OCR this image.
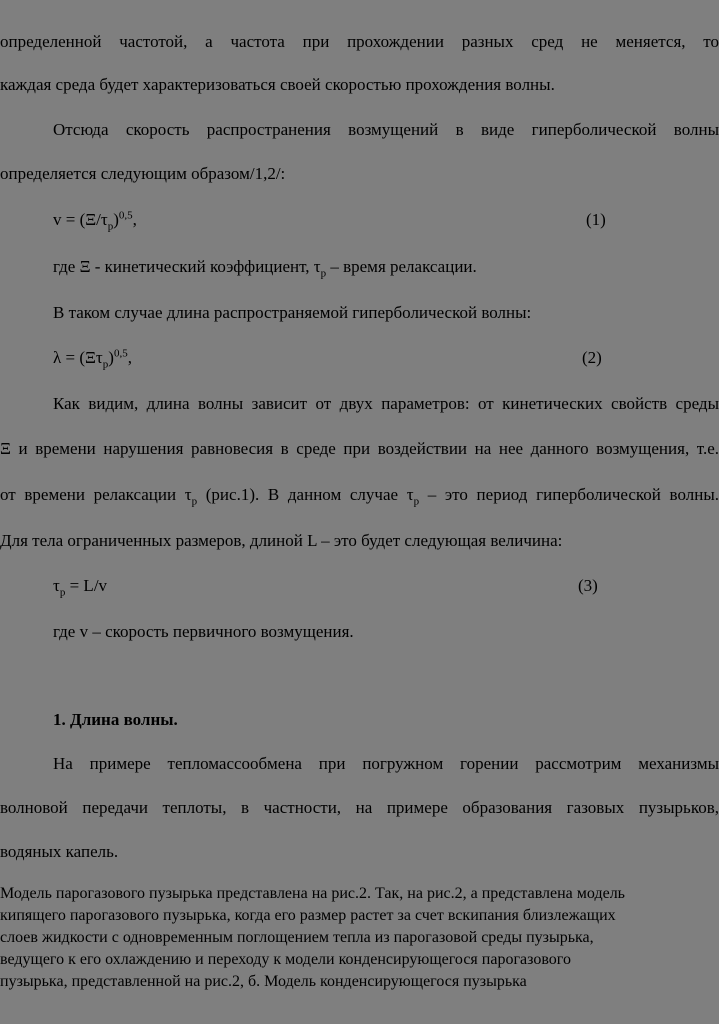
определенной частотой, а частота при прохождении разных сред не меняется, то
каждая среда будет характеризоваться своей скоростью прохождения волны.
Отсюда скорость распространения возмущений в виде гиперболической волны
определяется следующим образом/1,2/:
$v = (\Xi/\tau_р)^{0,5}$,	(1)
где Ξ - кинетический коэффициент, $\tau_р$ – время релаксации.
В таком случае длина распространяемой гиперболической волны:
$\lambda = (\Xi\tau_р)^{0,5}$,	(2)
Как видим, длина волны зависит от двух параметров: от кинетических свойств среды
Ξ и времени нарушения равновесия в среде при воздействии на нее данного возмущения, т.е.
от времени релаксации $\tau_р$ (рис.1). В данном случае $\tau_р$ – это период гиперболической волны.
Для тела ограниченных размеров, длиной L – это будет следующая величина:
$\tau_р = L/v$	(3)
где v – скорость первичного возмущения.
1. Длина волны.
На примере тепломассообмена при погружном горении рассмотрим механизмы
волновой передачи теплоты, в частности, на примере образования газовых пузырьков,
водяных капель.
Модель парогазового пузырька представлена на рис.2. Так, на рис.2, а представлена модель
кипящего парогазового пузырька, когда его размер растет за счет вскипания близлежащих
слоев жидкости с одновременным поглощением тепла из парогазовой среды пузырька,
ведущего к его охлаждению и переходу к модели конденсирующегося парогазового
пузырька, представленной на рис.2, б. Модель конденсирующегося пузырька
